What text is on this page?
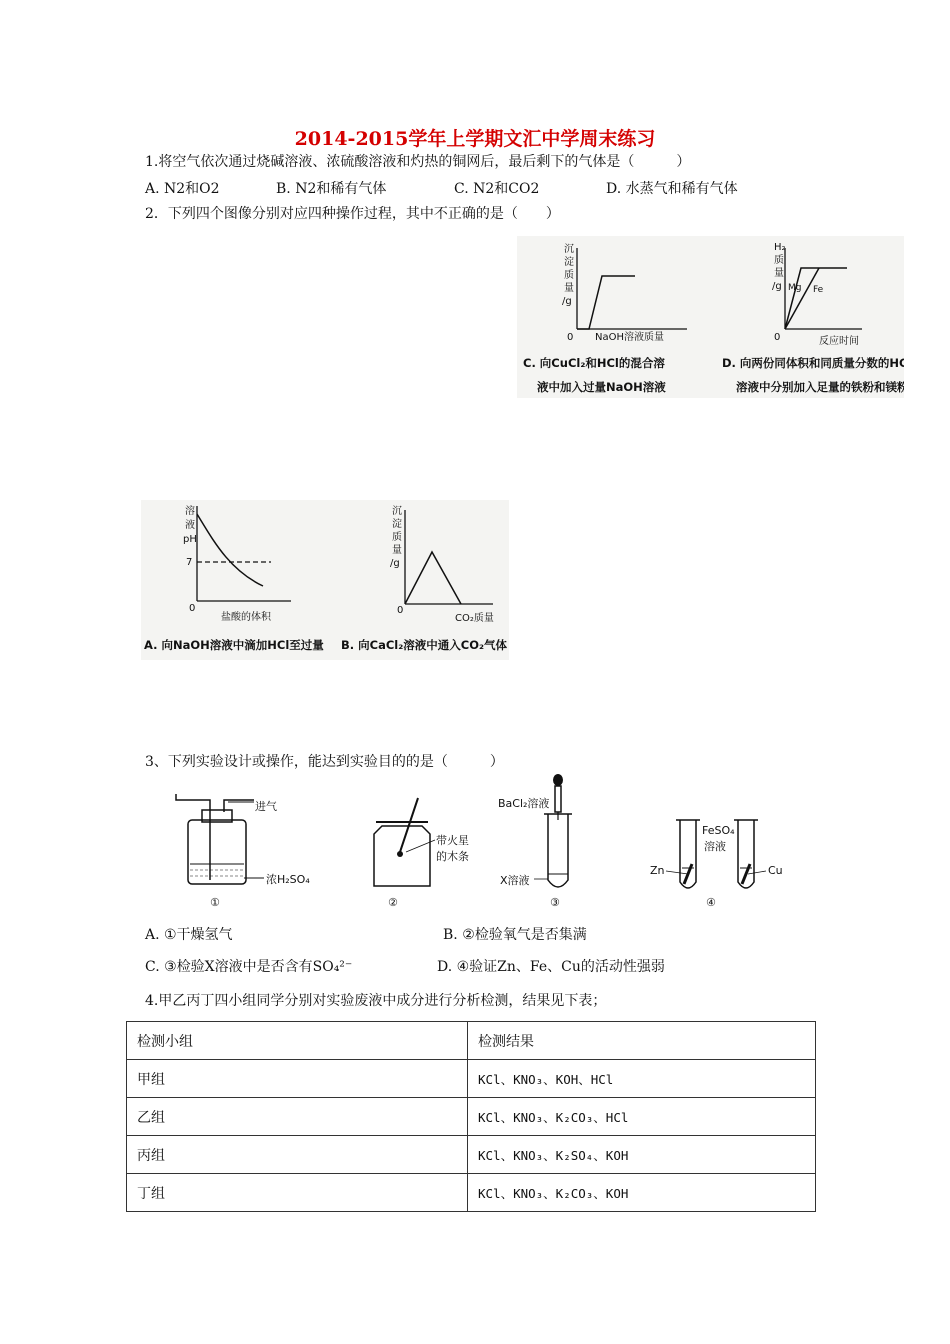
2014-2015学年上学期文汇中学周末练习
1.将空气依次通过烧碱溶液、浓硫酸溶液和灼热的铜网后，最后剩下的气体是（　　　）
A. N2和O2	B. N2和稀有气体	C. N2和CO2	D. 水蒸气和稀有气体
2．下列四个图像分别对应四种操作过程，其中不正确的是（　　）
沉
淀
质
量
/g
0 NaOH溶液质量
C. 向CuCl₂和HCl的混合溶
液中加入过量NaOH溶液
H₂
质
量
/g Mg Fe
0	反应时间
D. 向两份同体积和同质量分数的HCl
溶液中分别加入足量的铁粉和镁粉
溶
液
pH
7
0
盐酸的体积
A. 向NaOH溶液中滴加HCl至过量
沉
淀
质
量
/g
0
CO₂质量
B. 向CaCl₂溶液中通入CO₂气体
3、下列实验设计或操作，能达到实验目的的是（　　　）
进气
浓H₂SO₄
①
带火星
的木条
②
BaCl₂溶液
X溶液
③
FeSO₄
溶液
Zn	Cu
④
A. ①干燥氢气	B. ②检验氧气是否集满
C. ③检验X溶液中是否含有SO₄²⁻	D. ④验证Zn、Fe、Cu的活动性强弱
4.甲乙丙丁四小组同学分别对实验废液中成分进行分析检测，结果见下表；
检测小组	检测结果
甲组	KCl、KNO₃、KOH、HCl
乙组	KCl、KNO₃、K₂CO₃、HCl
丙组	KCl、KNO₃、K₂SO₄、KOH
丁组	KCl、KNO₃、K₂CO₃、KOH
